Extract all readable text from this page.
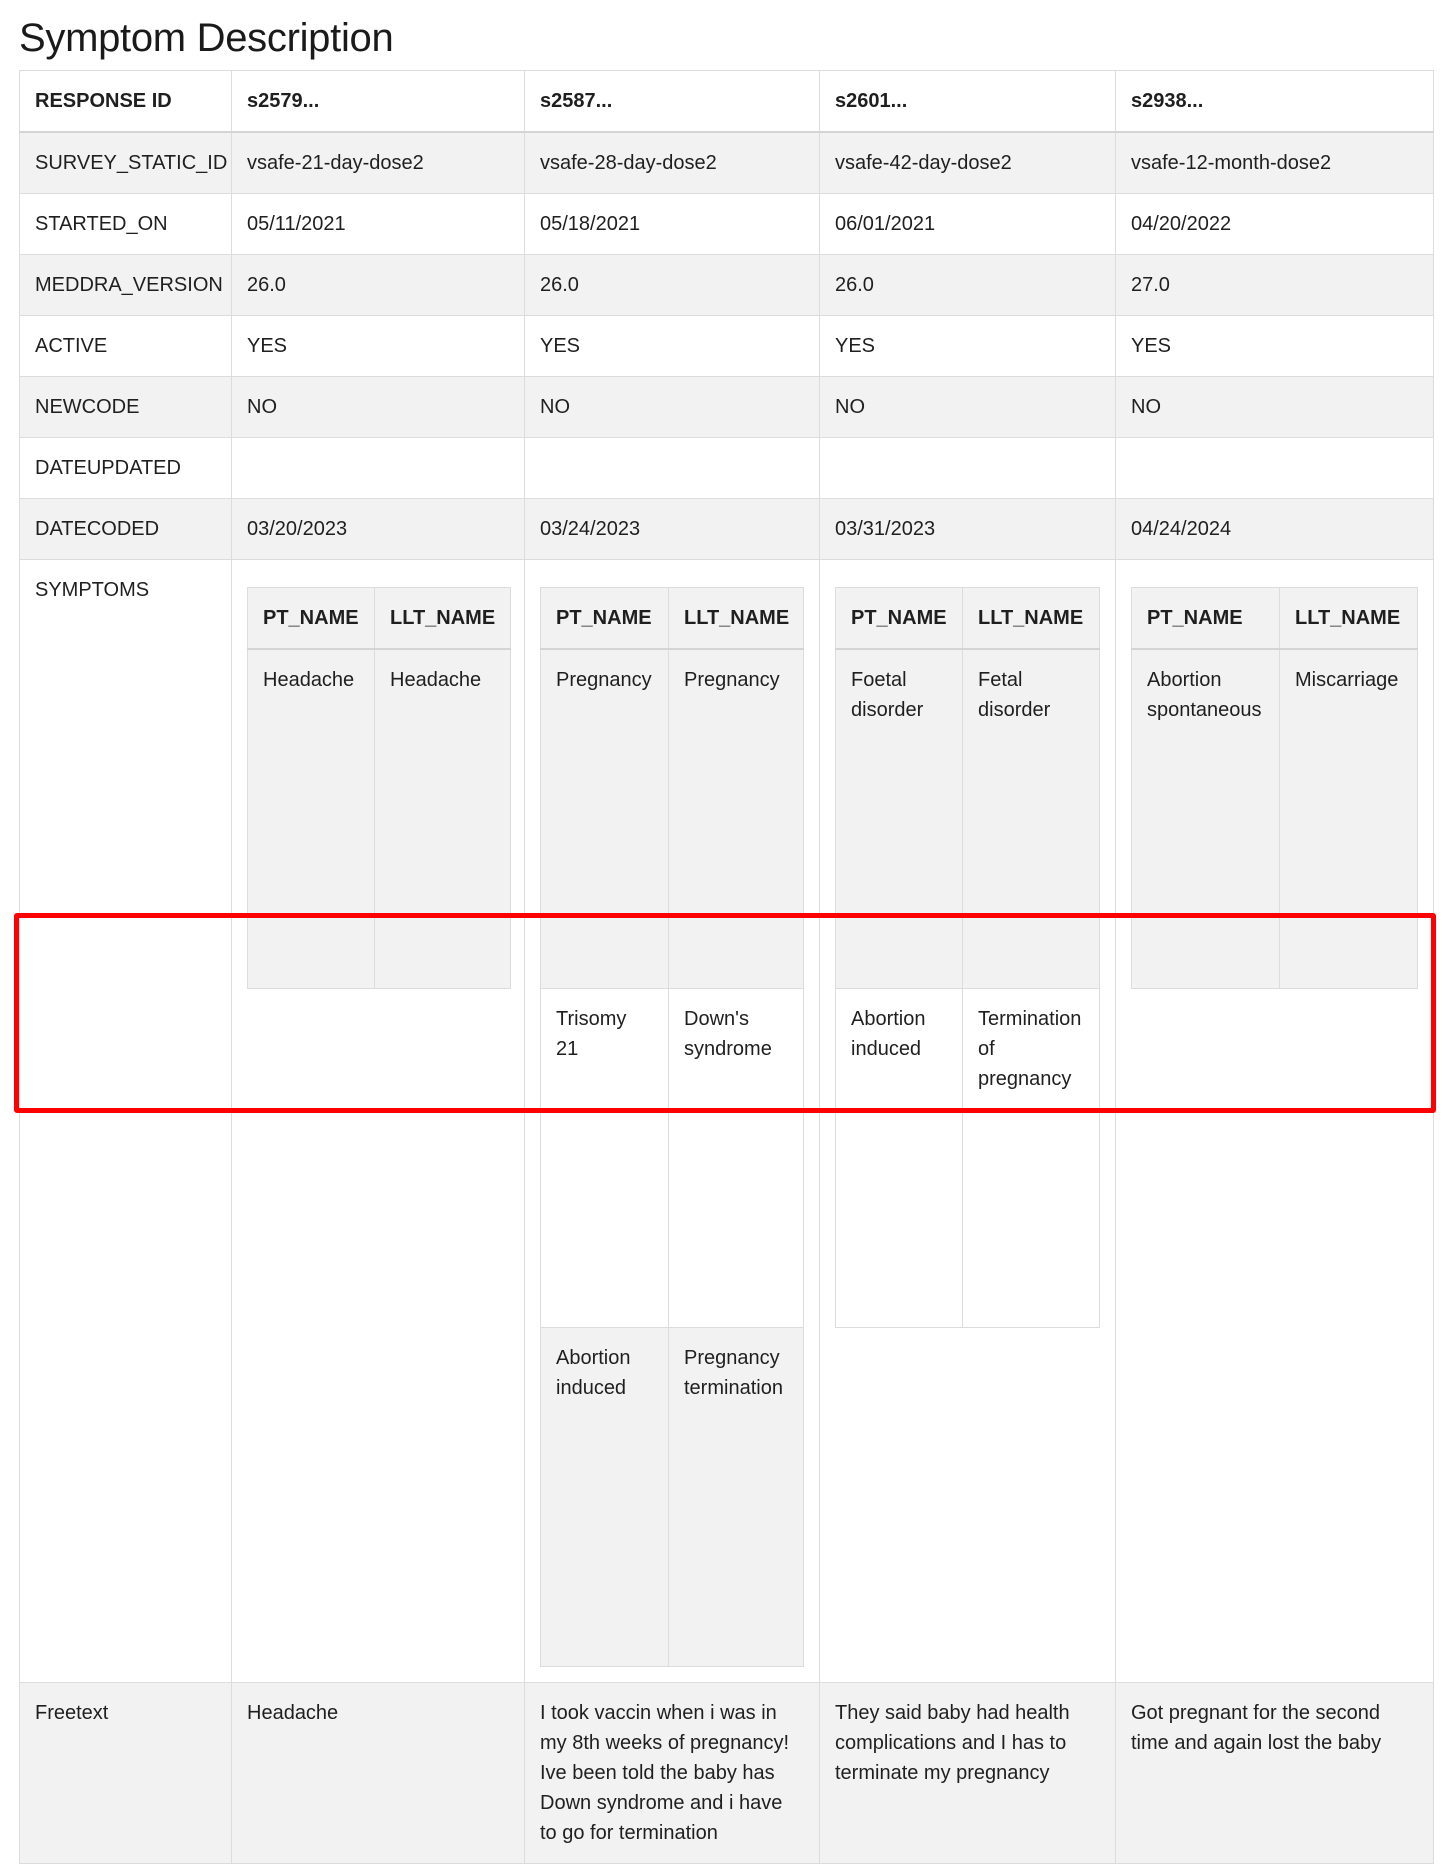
Symptom Description
RESPONSE ID	s2579...	s2587...	s2601...	s2938...
SURVEY_STATIC_ID	vsafe-21-day-dose2	vsafe-28-day-dose2	vsafe-42-day-dose2	vsafe-12-month-dose2
STARTED_ON	05/11/2021	05/18/2021	06/01/2021	04/20/2022
MEDDRA_VERSION	26.0	26.0	26.0	27.0
ACTIVE	YES	YES	YES	YES
NEWCODE	NO	NO	NO	NO
DATEUPDATED				
DATECODED	03/20/2023	03/24/2023	03/31/2023	04/24/2024
SYMPTOMS	
PT_NAME	LLT_NAME
Headache	Headache

PT_NAME	LLT_NAME
Pregnancy	Pregnancy
Trisomy 21	Down's syndrome
Abortion induced	Pregnancy termination

PT_NAME	LLT_NAME
Foetal disorder	Fetal disorder
Abortion induced	Termination of pregnancy

PT_NAME	LLT_NAME
Abortion spontaneous	Miscarriage

Freetext	Headache	I took vaccin when i was in my 8th weeks of pregnancy! Ive been told the baby has Down syndrome and i have to go for termination	They said baby had health complications and I has to terminate my pregnancy	Got pregnant for the second time and again lost the baby
